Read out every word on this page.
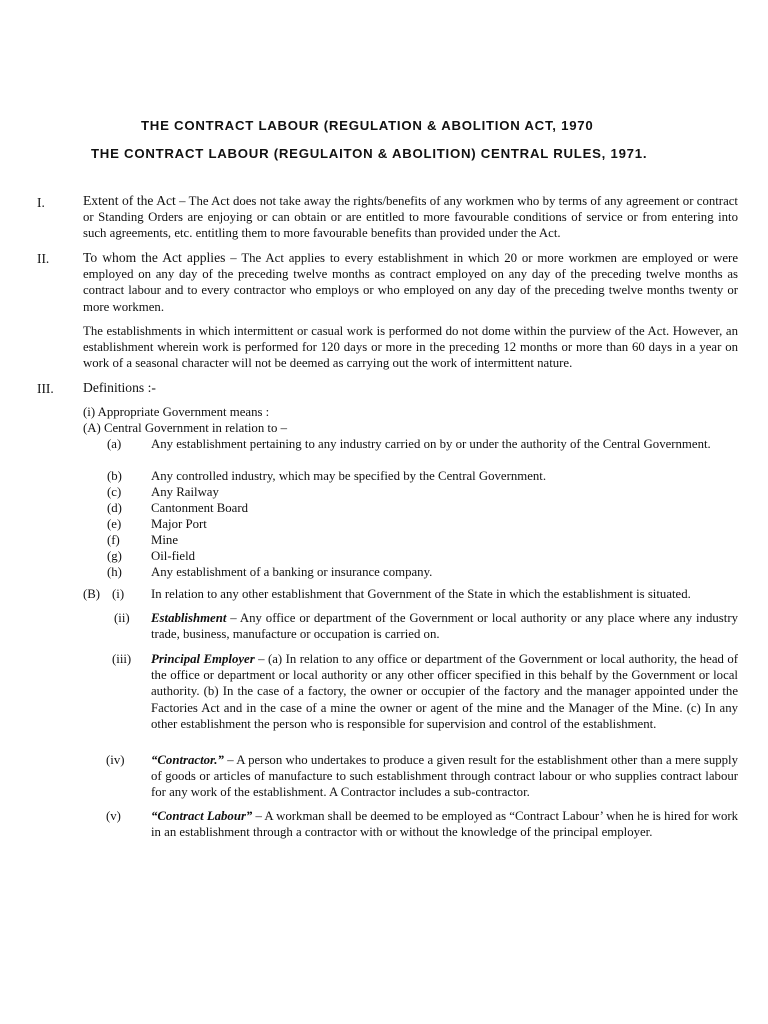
THE CONTRACT LABOUR (REGULATION & ABOLITION ACT, 1970
THE CONTRACT LABOUR (REGULAITON & ABOLITION) CENTRAL RULES, 1971.
I.	Extent of the Act – The Act does not take away the rights/benefits of any workmen who by terms of any agreement or contract or Standing Orders are enjoying or can obtain or are entitled to more favourable conditions of service or from entering into such agreements, etc. entitling them to more favourable benefits than provided under the Act.
II. To whom the Act applies – The Act applies to every establishment in which 20 or more workmen are employed or were employed on any day of the preceding twelve months as contract employed on any day of the preceding twelve months as contract labour and to every contractor who employs or who employed on any day of the preceding twelve months twenty or more workmen.
The establishments in which intermittent or casual work is performed do not dome within the purview of the Act. However, an establishment wherein work is performed for 120 days or more in the preceding 12 months or more than 60 days in a year on work of a seasonal character will not be deemed as carrying out the work of intermittent nature.
III. Definitions :-
(i) Appropriate Government means :
(A) Central Government in relation to –
(a) Any establishment pertaining to any industry carried on by or under the authority of the Central Government.
(b) Any controlled industry, which may be specified by the Central Government.
(c) Any Railway
(d) Cantonment Board
(e) Major Port
(f) Mine
(g) Oil-field
(h) Any establishment of a banking or insurance company.
(B) (i) In relation to any other establishment that Government of the State in which the establishment is situated.
(ii) Establishment – Any office or department of the Government or local authority or any place where any industry trade, business, manufacture or occupation is carried on.
(iii) Principal Employer – (a) In relation to any office or department of the Government or local authority, the head of the office or department or local authority or any other officer specified in this behalf by the Government or local authority. (b) In the case of a factory, the owner or occupier of the factory and the manager appointed under the Factories Act and in the case of a mine the owner or agent of the mine and the Manager of the Mine. (c) In any other establishment the person who is responsible for supervision and control of the establishment.
(iv) “Contractor.” – A person who undertakes to produce a given result for the establishment other than a mere supply of goods or articles of manufacture to such establishment through contract labour or who supplies contract labour for any work of the establishment. A Contractor includes a sub-contractor.
(v) “Contract Labour” – A workman shall be deemed to be employed as “Contract Labour’ when he is hired for work in an establishment through a contractor with or without the knowledge of the principal employer.
